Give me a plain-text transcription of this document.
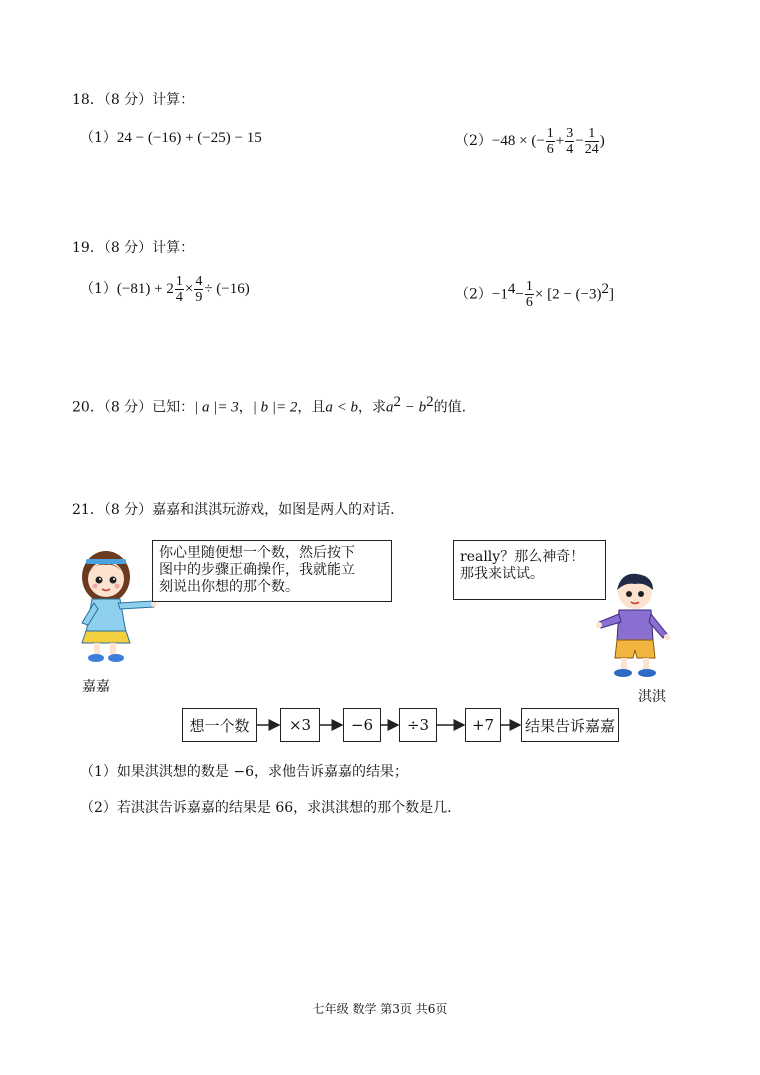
18．（8 分）计算：
（1）24 − (−16) + (−25) − 15	（2）−48 × (− $\frac{1}{6} + \frac{3}{4} - \frac{1}{24}$ )
19．（8 分）计算：
$(1)(-81) + 2 \frac{1}{4} \times \frac{4}{9} \div (-16)$	$(2)-1^4- \frac{1}{6} \times [2 - (-3)^2]$
20．（8 分）已知：| a |= 3，| b |= 2，且a < b，求$a^2 - b^2$的值.
21．（8 分）嘉嘉和淇淇玩游戏，如图是两人的对话.
你心里随便想一个数，然后按下
图中的步骤正确操作，我就能立
刻说出你想的那个数。
嘉嘉
really？那么神奇！
那我来试试。
淇淇
想一个数	×3	−6	÷3	+7	结果告诉嘉嘉
（1）如果淇淇想的数是 −6，求他告诉嘉嘉的结果；
（2）若淇淇告诉嘉嘉的结果是 66，求淇淇想的那个数是几.
七年级 数学 第3页 共6页
